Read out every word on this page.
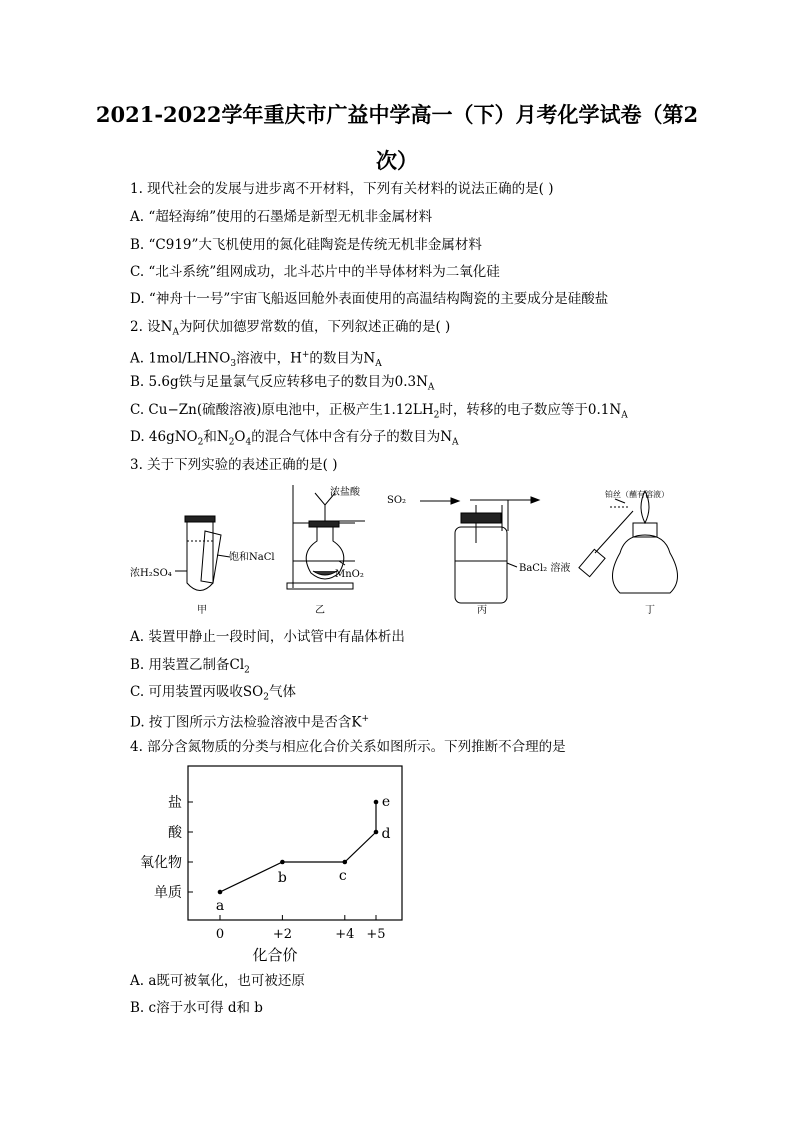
2021-2022学年重庆市广益中学高一（下）月考化学试卷（第2次）
1. 现代社会的发展与进步离不开材料，下列有关材料的说法正确的是( )
A. “超轻海绵”使用的石墨烯是新型无机非金属材料
B. “C919”大飞机使用的氮化硅陶瓷是传统无机非金属材料
C. “北斗系统”组网成功，北斗芯片中的半导体材料为二氧化硅
D. “神舟十一号”宇宙飞船返回舱外表面使用的高温结构陶瓷的主要成分是硅酸盐
2. 设$N_A$为阿伏加德罗常数的值，下列叙述正确的是( )
A. $1mol/LHNO_3$溶液中，H+的数目为$N_A$
B. 5.6g铁与足量氯气反应转移电子的数目为$0.3N_A$
C. Cu−Zn(硫酸溶液)原电池中，正极产生$1.12LH_2$时，转移的电子数应等于$0.1N_A$
D. 46gNO$_2$和$N_2O_4$的混合气体中含有分子的数目为$N_A$
3. 关于下列实验的表述正确的是( )
浓H₂SO₄
饱和NaCl
甲
浓盐酸
MnO₂
乙
SO₂
BaCl₂ 溶液
丙
铂丝（蘸有溶液）
丁
A. 装置甲静止一段时间，小试管中有晶体析出
B. 用装置乙制备$Cl_2$
C. 可用装置丙吸收$SO_2$气体
D. 按丁图所示方法检验溶液中是否含K+
4. 部分含氮物质的分类与相应化合价关系如图所示。下列推断不合理的是
单质
氧化物
酸
盐
0	+2	+4 +5
化合价
a
b	c
d
e
A. a既可被氧化，也可被还原
B. c溶于水可得 d和 b
